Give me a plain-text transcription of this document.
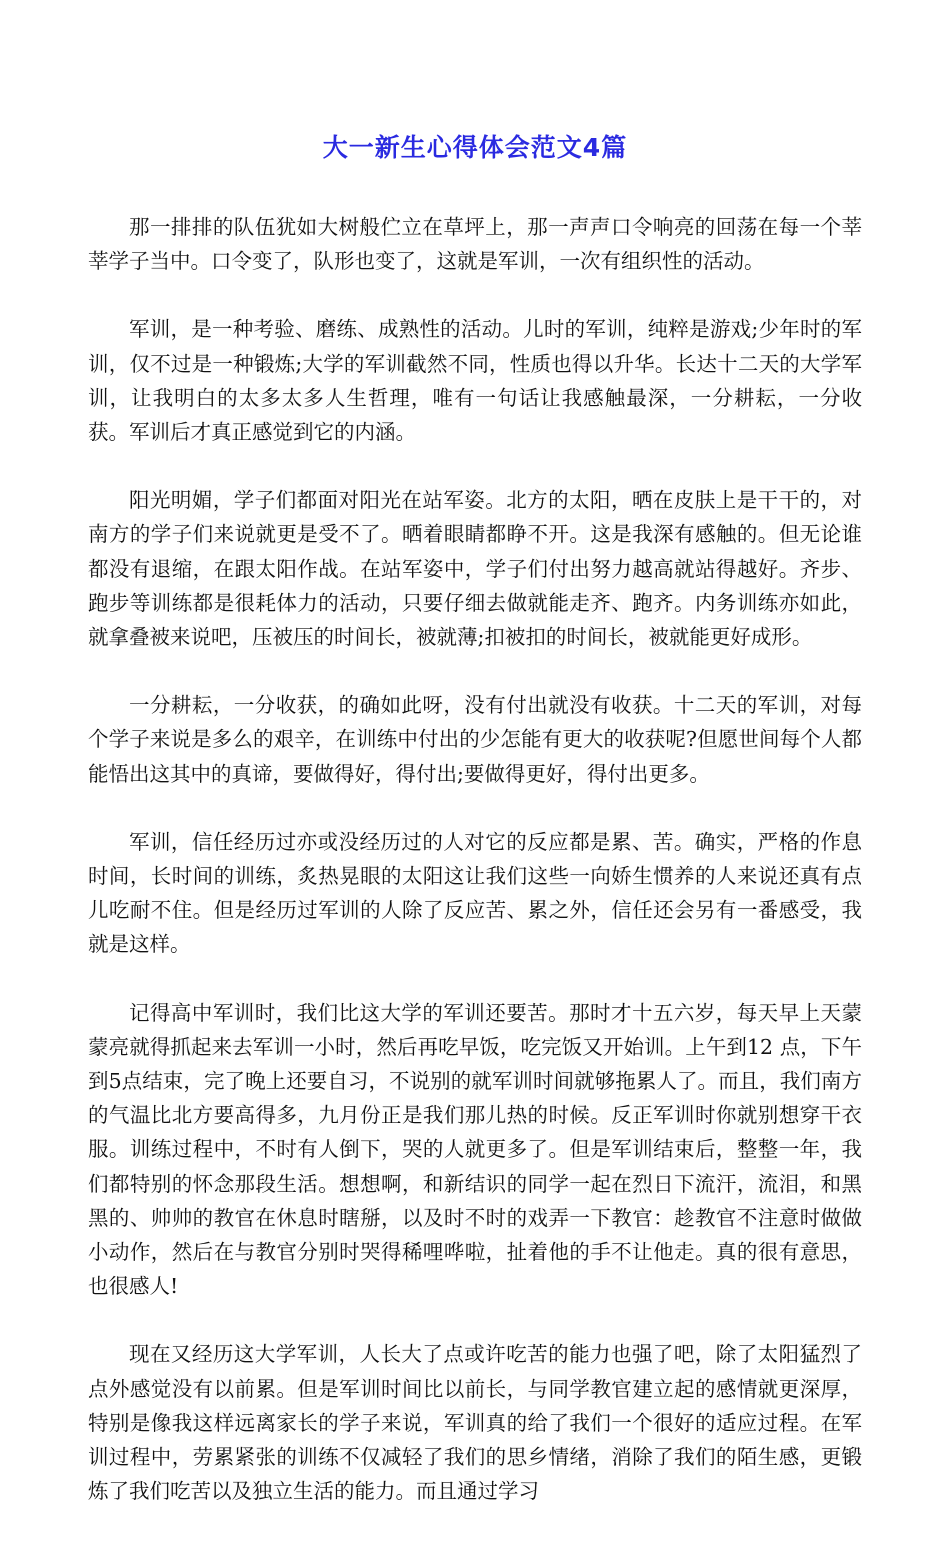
大一新生心得体会范文4篇

那一排排的队伍犹如大树般伫立在草坪上，那一声声口令响亮的回荡在每一个莘莘学子当中。口令变了，队形也变了，这就是军训，一次有组织性的活动。

军训，是一种考验、磨练、成熟性的活动。儿时的军训，纯粹是游戏;少年时的军训，仅不过是一种锻炼;大学的军训截然不同，性质也得以升华。长达十二天的大学军训，让我明白的太多太多人生哲理，唯有一句话让我感触最深，一分耕耘，一分收获。军训后才真正感觉到它的内涵。

阳光明媚，学子们都面对阳光在站军姿。北方的太阳，晒在皮肤上是干干的，对南方的学子们来说就更是受不了。晒着眼睛都睁不开。这是我深有感触的。但无论谁都没有退缩，在跟太阳作战。在站军姿中，学子们付出努力越高就站得越好。齐步、跑步等训练都是很耗体力的活动，只要仔细去做就能走齐、跑齐。内务训练亦如此，就拿叠被来说吧，压被压的时间长，被就薄;扣被扣的时间长，被就能更好成形。

一分耕耘，一分收获，的确如此呀，没有付出就没有收获。十二天的军训，对每个学子来说是多么的艰辛，在训练中付出的少怎能有更大的收获呢?但愿世间每个人都能悟出这其中的真谛，要做得好，得付出;要做得更好，得付出更多。

军训，信任经历过亦或没经历过的人对它的反应都是累、苦。确实，严格的作息时间，长时间的训练，炙热晃眼的太阳这让我们这些一向娇生惯养的人来说还真有点儿吃耐不住。但是经历过军训的人除了反应苦、累之外，信任还会另有一番感受，我就是这样。

记得高中军训时，我们比这大学的军训还要苦。那时才十五六岁，每天早上天蒙蒙亮就得抓起来去军训一小时，然后再吃早饭，吃完饭又开始训。上午到12 点，下午到5点结束，完了晚上还要自习，不说别的就军训时间就够拖累人了。而且，我们南方的气温比北方要高得多，九月份正是我们那儿热的时候。反正军训时你就别想穿干衣服。训练过程中，不时有人倒下，哭的人就更多了。但是军训结束后，整整一年，我们都特别的怀念那段生活。想想啊，和新结识的同学一起在烈日下流汗，流泪，和黑黑的、帅帅的教官在休息时瞎掰，以及时不时的戏弄一下教官：趁教官不注意时做做小动作，然后在与教官分别时哭得稀哩哗啦，扯着他的手不让他走。真的很有意思，也很感人!

现在又经历这大学军训，人长大了点或许吃苦的能力也强了吧，除了太阳猛烈了点外感觉没有以前累。但是军训时间比以前长，与同学教官建立起的感情就更深厚，特别是像我这样远离家长的学子来说，军训真的给了我们一个很好的适应过程。在军训过程中，劳累紧张的训练不仅减轻了我们的思乡情绪，消除了我们的陌生感，更锻炼了我们吃苦以及独立生活的能力。而且通过学习
